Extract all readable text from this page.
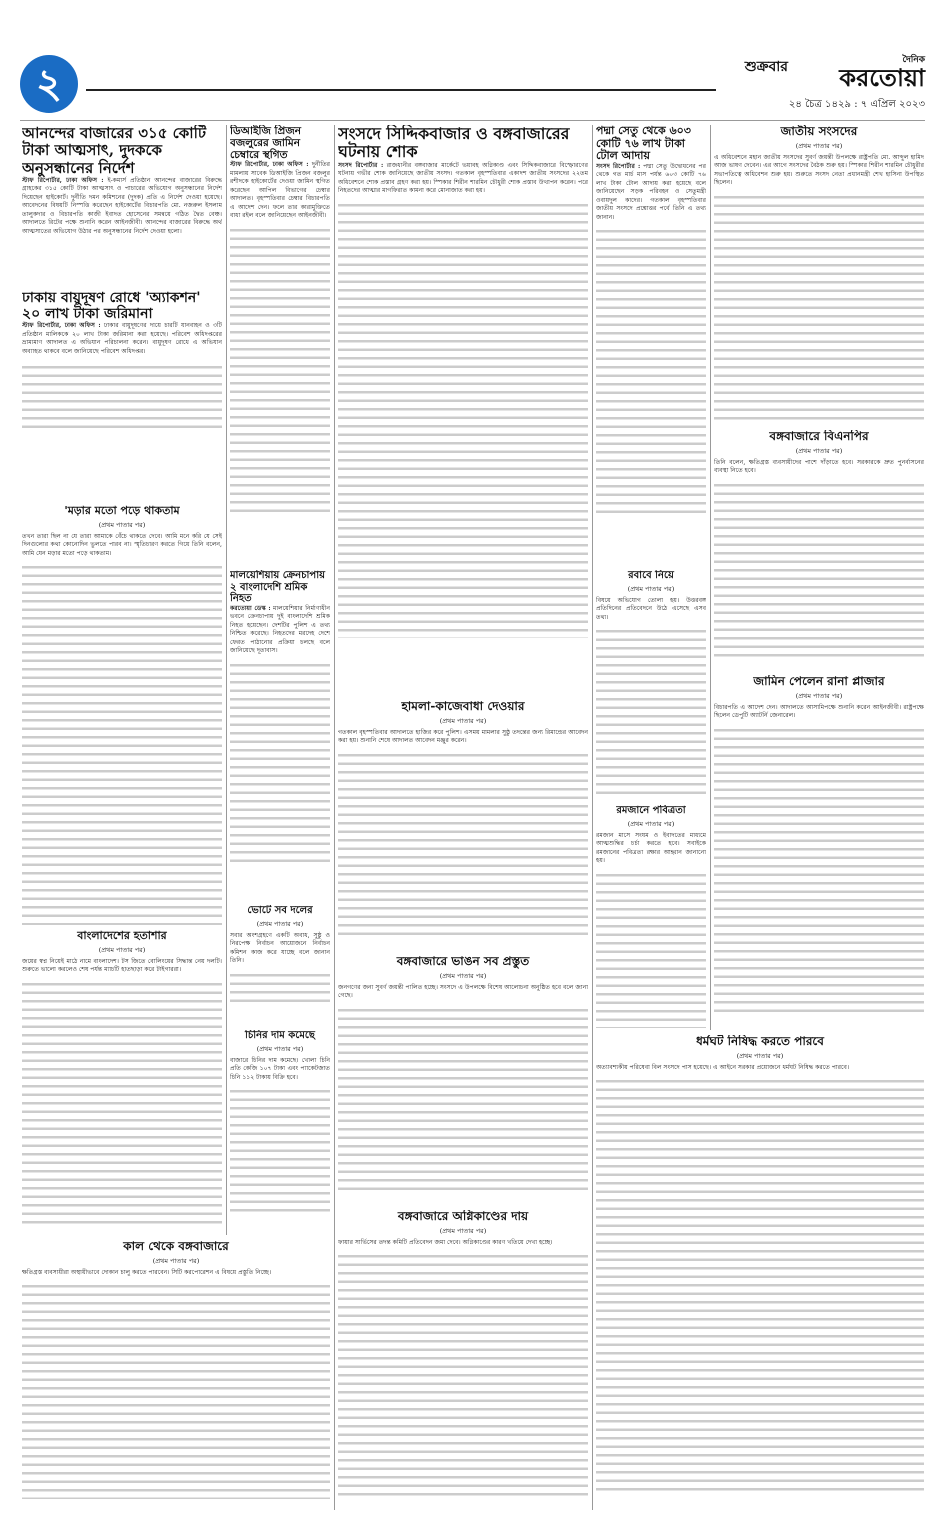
২	শুক্রবার	দৈনিক
করতোয়া
২৪ চৈত্র ১৪২৯ : ৭ এপ্রিল ২০২৩
আনন্দের বাজারের ৩১৫ কোটি টাকা আত্মসাৎ, দুদককে অনুসন্ধানের নির্দেশ

স্টাফ রিপোর্টার, ঢাকা অফিস : ই-কমার্স প্রতিষ্ঠান আনন্দের বাজারের বিরুদ্ধে গ্রাহকের ৩১৫ কোটি টাকা আত্মসাৎ ও পাচারের অভিযোগ অনুসন্ধানের নির্দেশ দিয়েছেন হাইকোর্ট। দুর্নীতি দমন কমিশনের (দুদক) প্রতি এ নির্দেশ দেওয়া হয়েছে। আবেদনের বিষয়টি নিস্পত্তি করেছেন হাইকোর্টের বিচারপতি মো. নজরুল ইসলাম তালুকদার ও বিচারপতি কাজী ইবাদত হোসেনের সমন্বয়ে গঠিত দ্বৈত বেঞ্চ। আদালতে রিটের পক্ষে শুনানি করেন আইনজীবী। আনন্দের বাজারের বিরুদ্ধে অর্থ আত্মসাতের অভিযোগ উঠার পর অনুসন্ধানের নির্দেশ দেওয়া হলো।

ঢাকায় বায়ুদূষণ রোধে 'অ্যাকশন' ২০ লাখ টাকা জরিমানা

স্টাফ রিপোর্টার, ঢাকা অফিস : ঢাকার বায়ুদূষণের দায়ে চারটি যানবাহন ও ৩টি প্রতিষ্ঠান মালিককে ২০ লাখ টাকা জরিমানা করা হয়েছে। পরিবেশ অধিদপ্তরের ভ্রাম্যমাণ আদালত এ অভিযান পরিচালনা করেন। বায়ুদূষণ রোধে এ অভিযান অব্যাহত থাকবে বলে জানিয়েছে পরিবেশ অধিদপ্তর।

'মড়ার মতো পড়ে থাকতাম
(প্রথম পাতার পর)

তখন তারা ছিল না যে তারা আমাকে বেঁচে থাকতে দেবে। আমি মনে করি যে সেই দিনগুলোর কথা কোনোদিন ভুলতে পারব না। স্মৃতিচারণ করতে গিয়ে তিনি বলেন, আমি যেন মড়ার মতো পড়ে থাকতাম।

বাংলাদেশের হতাশার
(প্রথম পাতার পর)

জয়ের স্বপ্ন নিয়েই মাঠে নামে বাংলাদেশ। টস জিতে বোলিংয়ের সিদ্ধান্ত নেয় দলটি। শুরুতে ভালো করলেও শেষ পর্যন্ত ম্যাচটি হাতছাড়া করে টাইগাররা।

ডিআইজি প্রিজন বজলুরের জামিন চেম্বারে স্থগিত

স্টাফ রিপোর্টার, ঢাকা অফিস : দুর্নীতির মামলায় সাবেক ডিআইজি প্রিজন বজলুর রশীদকে হাইকোর্টের দেওয়া জামিন স্থগিত করেছেন আপিল বিভাগের চেম্বার আদালত। বৃহস্পতিবার চেম্বার বিচারপতি এ আদেশ দেন। ফলে তার কারামুক্তিতে বাধা রইল বলে জানিয়েছেন আইনজীবী।

মালয়েশিয়ায় ক্রেনচাপায় ২ বাংলাদেশি শ্রমিক নিহত

করতোয়া ডেস্ক : মালয়েশিয়ার নির্মাণাধীন ভবনে ক্রেনচাপায় দুই বাংলাদেশি শ্রমিক নিহত হয়েছেন। দেশটির পুলিশ এ তথ্য নিশ্চিত করেছে। নিহতদের মরদেহ দেশে ফেরত পাঠানোর প্রক্রিয়া চলছে বলে জানিয়েছে দূতাবাস।

ভোটে সব দলের
(প্রথম পাতার পর)

সবার অংশগ্রহণে একটি অবাধ, সুষ্ঠু ও নিরপেক্ষ নির্বাচন আয়োজনে নির্বাচন কমিশন কাজ করে যাচ্ছে বলে জানান তিনি।

চিনির দাম কমেছে
(প্রথম পাতার পর)

বাজারে চিনির দাম কমেছে। খোলা চিনি প্রতি কেজি ১০৭ টাকা এবং প্যাকেটজাত চিনি ১১২ টাকায় বিক্রি হবে।

কাল থেকে বঙ্গবাজারে
(প্রথম পাতার পর)

ক্ষতিগ্রস্ত ব্যবসায়ীরা অস্থায়ীভাবে দোকান চালু করতে পারবেন। সিটি করপোরেশন এ বিষয়ে প্রস্তুতি নিচ্ছে।

সংসদে সিদ্দিকবাজার ও বঙ্গবাজারের ঘটনায় শোক

সংসদ রিপোর্টার : রাজধানীর বঙ্গবাজার মার্কেটে ভয়াবহ অগ্নিকাণ্ড এবং সিদ্দিকবাজারে বিস্ফোরণের ঘটনায় গভীর শোক জানিয়েছে জাতীয় সংসদ। গতকাল বৃহস্পতিবার একাদশ জাতীয় সংসদের ২২তম অধিবেশনে শোক প্রস্তাব গ্রহণ করা হয়। স্পিকার শিরীন শারমিন চৌধুরী শোক প্রস্তাব উত্থাপন করেন। পরে নিহতদের আত্মার মাগফিরাত কামনা করে মোনাজাত করা হয়।

হামলা-কাজেবাধা দেওয়ার
(প্রথম পাতার পর)

গতকাল বৃহস্পতিবার আদালতে হাজির করে পুলিশ। এসময় মামলার সুষ্ঠু তদন্তের জন্য রিমান্ডের আবেদন করা হয়। শুনানি শেষে আদালত আবেদন মঞ্জুর করেন।

বঙ্গবাজারে ভাঙন সব প্রস্তুত
(প্রথম পাতার পর)

জনগণের জন্য সুবর্ণ জয়ন্তী পালিত হচ্ছে। সংসদে এ উপলক্ষে বিশেষ আলোচনা অনুষ্ঠিত হবে বলে জানা গেছে।

বঙ্গবাজারে অগ্নিকাণ্ডের দায়
(প্রথম পাতার পর)

ফায়ার সার্ভিসের তদন্ত কমিটি প্রতিবেদন জমা দেবে। অগ্নিকাণ্ডের কারণ খতিয়ে দেখা হচ্ছে।

পদ্মা সেতু থেকে ৬০৩ কোটি ৭৬ লাখ টাকা টোল আদায়

সংসদ রিপোর্টার : পদ্মা সেতু উদ্বোধনের পর থেকে গত মার্চ মাস পর্যন্ত ৬০৩ কোটি ৭৬ লাখ টাকা টোল আদায় করা হয়েছে বলে জানিয়েছেন সড়ক পরিবহন ও সেতুমন্ত্রী ওবায়দুল কাদের। গতকাল বৃহস্পতিবার জাতীয় সংসদে প্রশ্নোত্তর পর্বে তিনি এ তথ্য জানান।

রবাবে নিয়ে
(প্রথম পাতার পর)

বিষয়ে অভিযোগ তোলা হয়। উত্তরবঙ্গ প্রতিদিনের প্রতিবেদনে উঠে এসেছে এসব তথ্য।

রমজানে পবিত্রতা
(প্রথম পাতার পর)

রমজান মাসে সংযম ও ইবাদতের মাধ্যমে আত্মশুদ্ধির চর্চা করতে হবে। সবাইকে রমজানের পবিত্রতা রক্ষার আহ্বান জানানো হয়।

জাতীয় সংসদের
(প্রথম পাতার পর)

এ অধিবেশনে মহান জাতীয় সংসদের সুবর্ণ জয়ন্তী উপলক্ষে রাষ্ট্রপতি মো. আব্দুল হামিদ আজ ভাষণ দেবেন। এর আগে সংসদের বৈঠক শুরু হয়। স্পিকার শিরীন শারমিন চৌধুরীর সভাপতিত্বে অধিবেশন শুরু হয়। শুরুতে সংসদ নেতা প্রধানমন্ত্রী শেখ হাসিনা উপস্থিত ছিলেন।

বঙ্গবাজারে বিএনপির
(প্রথম পাতার পর)

তিনি বলেন, ক্ষতিগ্রস্ত ব্যবসায়ীদের পাশে দাঁড়াতে হবে। সরকারকে দ্রুত পুনর্বাসনের ব্যবস্থা নিতে হবে।

জামিন পেলেন রানা প্লাজার
(প্রথম পাতার পর)

বিচারপতি এ আদেশ দেন। আদালতে আসামিপক্ষে শুনানি করেন আইনজীবী। রাষ্ট্রপক্ষে ছিলেন ডেপুটি অ্যাটর্নি জেনারেল।

ধর্মঘট নিষিদ্ধ করতে পারবে
(প্রথম পাতার পর)

অত্যাবশ্যকীয় পরিষেবা বিল সংসদে পাস হয়েছে। এ আইনে সরকার প্রয়োজনে ধর্মঘট নিষিদ্ধ করতে পারবে।
